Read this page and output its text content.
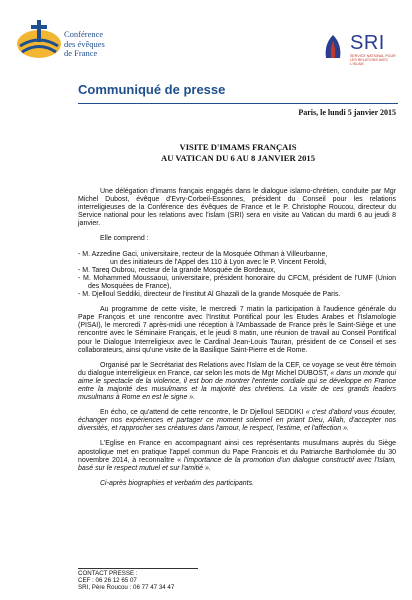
Conférence
des évêques
de France	SRI
SERVICE NATIONAL POUR LES RELATIONS AVEC L'ISLAM
Communiqué de presse
Paris, le lundi 5 janvier 2015
VISITE D'IMAMS FRANÇAIS
AU VATICAN DU 6 AU 8 JANVIER 2015

Une délégation d'imams français engagés dans le dialogue islamo-chrétien, conduite par Mgr Michel Dubost, évêque d'Evry-Corbeil-Essonnes, président du Conseil pour les relations interreligieuses de la Conférence des évêques de France et le P. Christophe Roucou, directeur du Service national pour les relations avec l'islam (SRI) sera en visite au Vatican du mardi 6 au jeudi 8 janvier.

Elle comprend :

- M. Azzedine Gaci, universitaire, recteur de la Mosquée Othman à Villeurbanne,
un des initiateurs de l'Appel des 110 à Lyon avec le P. Vincent Feroldi,
- M. Tareq Oubrou, recteur de la grande Mosquée de Bordeaux,
- M. Mohammed Moussaoui, universitaire, président honoraire du CFCM, président de l'UMF (Union des Mosquées de France),
- M. Djelloul Seddiki, directeur de l'institut Al Ghazali de la grande Mosquée de Paris.

Au programme de cette visite, le mercredi 7 matin la participation à l'audience générale du Pape François et une rencontre avec l'Institut Pontifical pour les Etudes Arabes et l'Islamologie (PISAI), le mercredi 7 après-midi une réception à l'Ambassade de France près le Saint-Siège et une rencontre avec le Séminaire Français, et le jeudi 8 matin, une réunion de travail au Conseil Pontifical pour le Dialogue Interreligieux avec le Cardinal Jean-Louis Tauran, président de ce Conseil et ses collaborateurs, ainsi qu'une visite de la Basilique Saint-Pierre et de Rome.

Organisé par le Secrétariat des Relations avec l'Islam de la CEF, ce voyage se veut être témoin du dialogue interreligieux en France, car selon les mots de Mgr Michel DUBOST, « dans un monde qui aime le spectacle de la violence, il est bon de montrer l'entente cordiale qui se développe en France entre la majorité des musulmans et la majorité des chrétiens. La visite de ces grands leaders musulmans à Rome en est le signe ».

En écho, ce qu'attend de cette rencontre, le Dr Djelloul SEDDIKI « c'est d'abord vous écouter, échanger nos expériences et partager ce moment solennel en priant Dieu, Allah, d'accepter nos diversités, et rapprocher ses créatures dans l'amour, le respect, l'estime, et l'affection ».

L'Eglise en France en accompagnant ainsi ces représentants musulmans auprès du Siège apostolique met en pratique l'appel commun du Pape Francois et du Patriarche Bartholomée du 30 novembre 2014, à reconnaître « l'importance de la promotion d'un dialogue constructif avec l'Islam, basé sur le respect mutuel et sur l'amitié ».

Ci-après biographies et verbatim des participants.

CONTACT PRESSE :
CEF : 06 26 12 65 07
SRI, Père Roucou : 06 77 47 34 47
